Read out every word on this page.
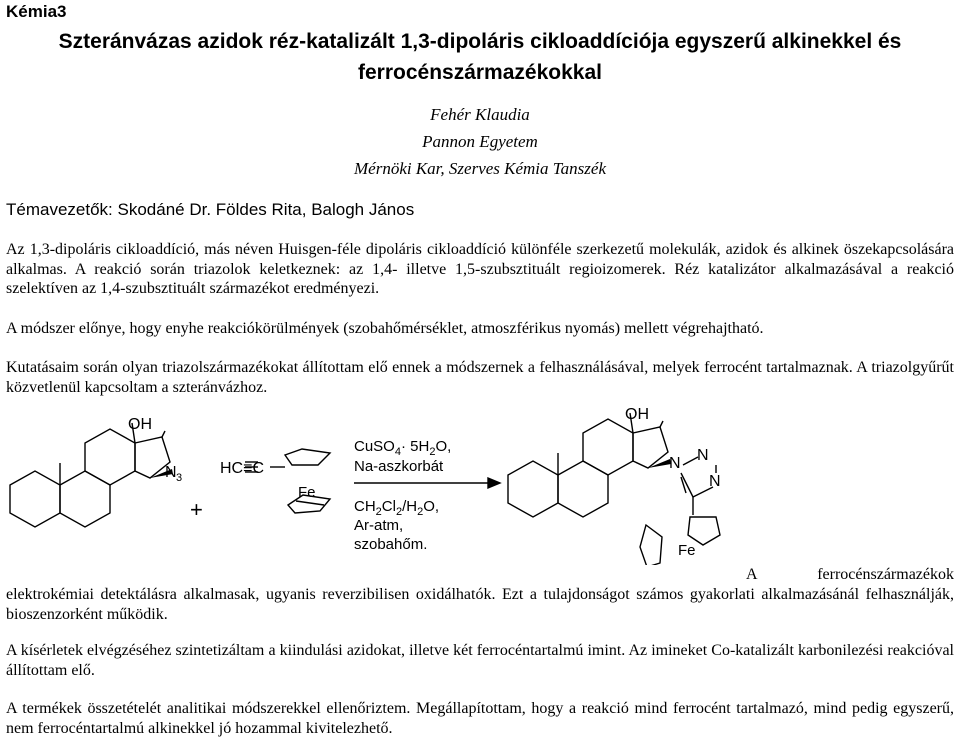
Kémia3
Szteránvázas azidok réz-katalizált 1,3-dipoláris cikloaddíciója egyszerű alkinekkel és
ferrocénszármazékokkal
Fehér Klaudia
Pannon Egyetem
Mérnöki Kar, Szerves Kémia Tanszék
Témavezetők: Skodáné Dr. Földes Rita, Balogh János

Az 1,3-dipoláris cikloaddíció, más néven Huisgen-féle dipoláris cikloaddíció különféle szerkezetű molekulák, azidok és alkinek öszekapcsolására alkalmas. A reakció során triazolok keletkeznek: az 1,4- illetve 1,5-szubsztituált regioizomerek. Réz katalizátor alkalmazásával a reakció szelektíven az 1,4-szubsztituált származékot eredményezi.

A módszer előnye, hogy enyhe reakciókörülmények (szobahőmérséklet, atmoszférikus nyomás) mellett végrehajtható.

Kutatásaim során olyan triazolszármazékokat állítottam elő ennek a módszernek a felhasználásával, melyek ferrocént tartalmaznak. A triazolgyűrűt közvetlenül kapcsoltam a szteránvázhoz.

OH
N 3
+
HC≡C
Fe
CuSO$_4$· $5H_2O$,
Na-aszkorbát
$CH_2Cl_2/H_2O$,
Ar-atm,
szobahőm.
OH
N N
N
Fe
A ferrocénszármazékok

elektrokémiai detektálásra alkalmasak, ugyanis reverzibilisen oxidálhatók. Ezt a tulajdonságot számos gyakorlati alkalmazásánál felhasználják, bioszenzorként működik.

A kísérletek elvégzéséhez szintetizáltam a kiindulási azidokat, illetve két ferrocéntartalmú imint. Az imineket Co-katalizált karbonilezési reakcióval állítottam elő.

A termékek összetételét analitikai módszerekkel ellenőriztem. Megállapítottam, hogy a reakció mind ferrocént tartalmazó, mind pedig egyszerű, nem ferrocéntartalmú alkinekkel jó hozammal kivitelezhető.
